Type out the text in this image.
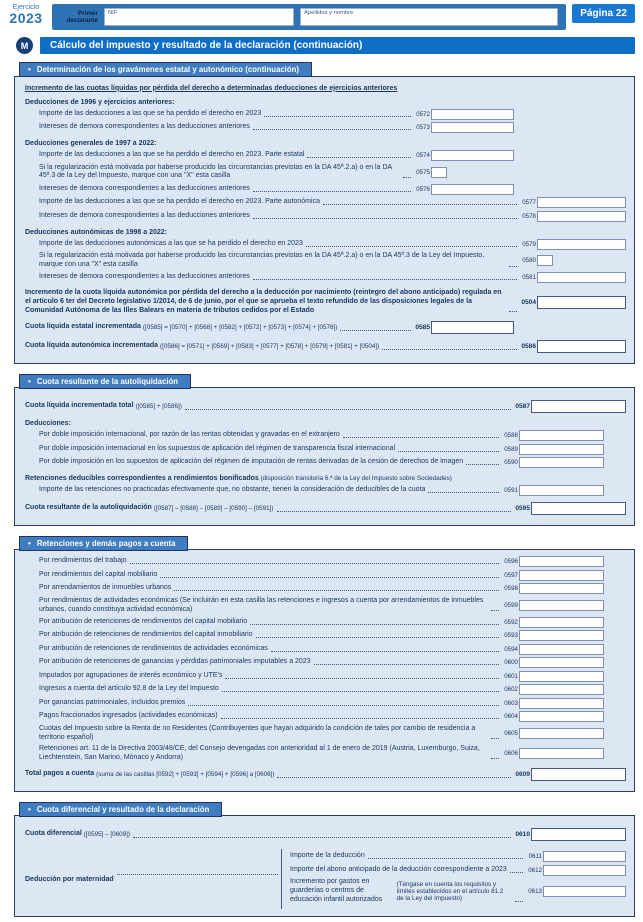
Ejercicio
2023	Primer declarante
NIF	Apellidos y nombre	Página 22
M	Cálculo del impuesto y resultado de la declaración (continuación)
• Determinación de los gravámenes estatal y autonómico (continuación)
Incremento de las cuotas líquidas por pérdida del derecho a determinadas deducciones de ejercicios anteriores
Deducciones de 1996 y ejercicios anteriores:
Importe de las deducciones a las que se ha perdido el derecho en 2023	0572
Intereses de demora correspondientes a las deducciones anteriores	0573
Deducciones generales de 1997 a 2022:
Importe de las deducciones a las que se ha perdido el derecho en 2023. Parte estatal	0574
Si la regularización está motivada por haberse producido las circunstancias previstas en la DA 45ª.2.a) o en la DA 45ª.3 de la Ley del Impuesto, marque con una "X" esta casilla	0575
Intereses de demora correspondientes a las deducciones anteriores	0576
Importe de las deducciones a las que se ha perdido el derecho en 2023. Parte autonómica	0577
Intereses de demora correspondientes a las deducciones anteriores	0578
Deducciones autonómicas de 1998 a 2022:
Importe de las deducciones autonómicas a las que se ha perdido el derecho en 2023	0579
Si la regularización está motivada por haberse producido las circunstancias previstas en la DA 45ª.2.a) o en la DA 45ª.3 de la Ley del Impuesto, marque con una "X" esta casilla	0580
Intereses de demora correspondientes a las deducciones anteriores	0581
Incremento de la cuota líquida autonómica por pérdida del derecho a la deducción por nacimiento (reintegro del abono anticipado) regulada en el artículo 6 ter del Decreto legislativo 1/2014, de 6 de junio, por el que se aprueba el texto refundido de las disposiciones legales de la Comunidad Autónoma de las Illes Balears en materia de tributos cedidos por el Estado
0504
Cuota líquida estatal incrementada ([0585] = [0570] + [0568] + [0582] + [0572] + [0573] + [0574] + [0576])	0585
Cuota líquida autonómica incrementada ([0586] = [0571] + [0569] + [0583] + [0577] + [0578] + [0579] + [0581] + [0504])	0586
• Cuota resultante de la autoliquidación
Cuota líquida incrementada total ([0585] + [0586])	0587
Deducciones:
Por doble imposición internacional, por razón de las rentas obtenidas y gravadas en el extranjero	0588
Por doble imposición internacional en los supuestos de aplicación del régimen de transparencia fiscal internacional	0589
Por doble imposición en los supuestos de aplicación del régimen de imputación de rentas derivadas de la cesión de derechos de imagen	0590
Retenciones deducibles correspondientes a rendimientos bonificados (disposición transitoria 6.ª de la Ley del Impuesto sobre Sociedades)
Importe de las retenciones no practicadas efectivamente que, no obstante, tienen la consideración de deducibles de la cuota	0591
Cuota resultante de la autoliquidación ([0587] – [0588] – [0589] – [0590] – [0591])	0595
• Retenciones y demás pagos a cuenta
Por rendimientos del trabajo	0596
Por rendimientos del capital mobiliario	0597
Por arrendamientos de inmuebles urbanos	0598
Por rendimientos de actividades económicas (Se incluirán en esta casilla las retenciones e ingresos a cuenta por arrendamientos de inmuebles urbanos, cuando constituya actividad económica)	0599
Por atribución de retenciones de rendimientos del capital mobiliario	0592
Por atribución de retenciones de rendimientos del capital inmobiliario	0593
Por atribución de retenciones de rendimientos de actividades económicas	0594
Por atribución de retenciones de ganancias y pérdidas patrimoniales imputables a 2023	0600
Imputados por agrupaciones de interés económico y UTE's	0601
Ingresos a cuenta del artículo 92.8 de la Ley del Impuesto	0602
Por ganancias patrimoniales, incluidos premios	0603
Pagos fraccionados ingresados (actividades económicas)	0604
Cuotas del Impuesto sobre la Renta de no Residentes (Contribuyentes que hayan adquirido la condición de tales por cambio de residencia a territorio español)	0605
Retenciones art. 11 de la Directiva 2003/48/CE, del Consejo devengadas con anterioridad al 1 de enero de 2019 (Austria, Luxemburgo, Suiza, Liechtenstein, San Marino, Mónaco y Andorra)	0606
Total pagos a cuenta (suma de las casillas [0592] + [0593] + [0594] + [0596] a [0606])	0609
• Cuota diferencial y resultado de la declaración
Cuota diferencial ([0595] – [0609])	0610
Deducción por maternidad
Importe de la deducción	0611
Importe del abono anticipado de la deducción correspondiente a 2023	0612
Incremento por gastos en guarderías o centros de educación infantil autorizados
(Téngase en cuenta los requisitos y límites establecidos en el artículo 81.2 de la Ley del Impuesto)
0613
